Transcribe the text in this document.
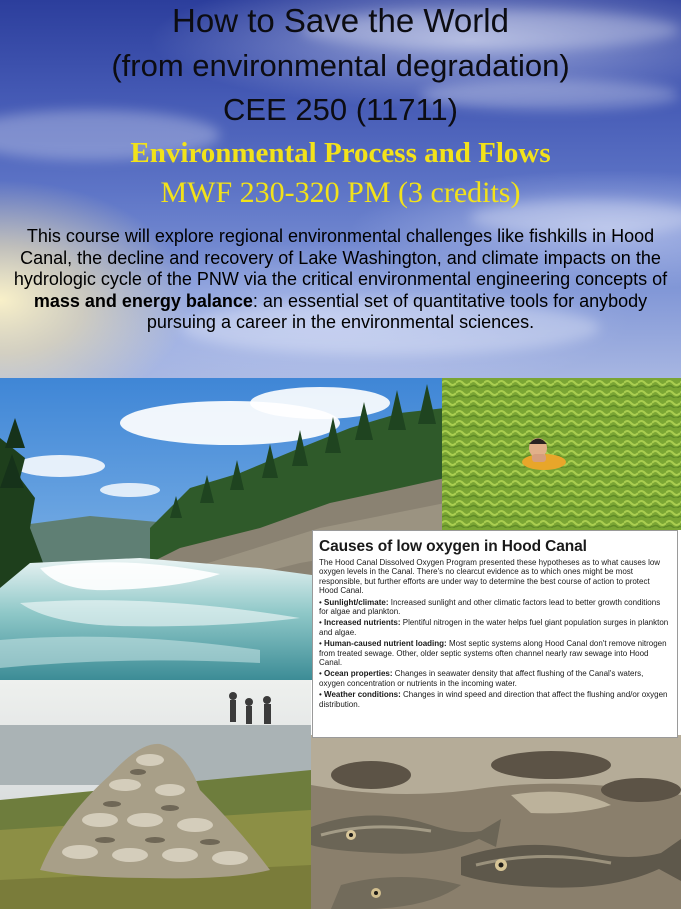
How to Save the World
(from environmental degradation)
CEE 250 (11711)
Environmental Process and Flows
MWF 230-320 PM (3 credits)
This course will explore regional environmental challenges like fishkills in Hood Canal, the decline and recovery of Lake Washington, and climate impacts on the hydrologic cycle of the PNW via the critical environmental engineering concepts of mass and energy balance: an essential set of quantitative tools for anybody pursuing a career in the environmental sciences.
Causes of low oxygen in Hood Canal
The Hood Canal Dissolved Oxygen Program presented these hypotheses as to what causes low oxygen levels in the Canal. There's no clearcut evidence as to which ones might be most responsible, but further efforts are under way to determine the best course of action to protect Hood Canal.
• Sunlight/climate: Increased sunlight and other climatic factors lead to better growth conditions for algae and plankton.
• Increased nutrients: Plentiful nitrogen in the water helps fuel giant population surges in plankton and algae.
• Human-caused nutrient loading: Most septic systems along Hood Canal don't remove nitrogen from treated sewage. Other, older septic systems often channel nearly raw sewage into Hood Canal.
• Ocean properties: Changes in seawater density that affect flushing of the Canal's waters, oxygen concentration or nutrients in the incoming water.
• Weather conditions: Changes in wind speed and direction that affect the flushing and/or oxygen distribution.
